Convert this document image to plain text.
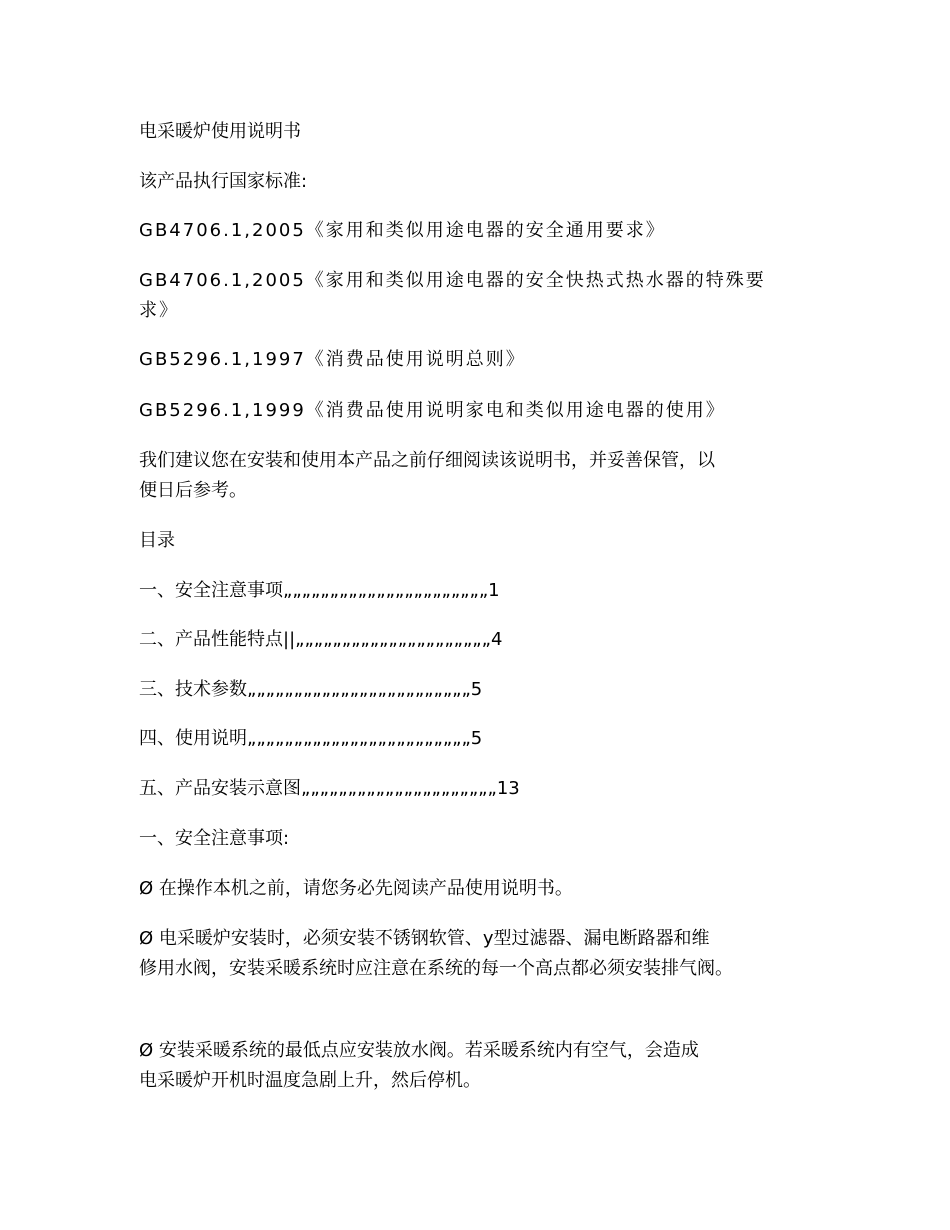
电采暖炉使用说明书
该产品执行国家标准:
GB4706.1,2005《家用和类似用途电器的安全通用要求》
GB4706.1,2005《家用和类似用途电器的安全快热式热水器的特殊要
求》
GB5296.1,1997《消费品使用说明总则》
GB5296.1,1999《消费品使用说明家电和类似用途电器的使用》
我们建议您在安装和使用本产品之前仔细阅读该说明书，并妥善保管，以
便日后参考。
目录
一、安全注意事项„„„„„„„„„„„„„„„„„„„„„„1
二、产品性能特点||„„„„„„„„„„„„„„„„„„„„„4
三、技术参数„„„„„„„„„„„„„„„„„„„„„„„„5
四、使用说明„„„„„„„„„„„„„„„„„„„„„„„„5
五、产品安装示意图„„„„„„„„„„„„„„„„„„„„„13
一、安全注意事项:
Ø 在操作本机之前，请您务必先阅读产品使用说明书。
Ø 电采暖炉安装时，必须安装不锈钢软管、y型过滤器、漏电断路器和维
修用水阀，安装采暖系统时应注意在系统的每一个高点都必须安装排气阀。
Ø 安装采暖系统的最低点应安装放水阀。若采暖系统内有空气，会造成
电采暖炉开机时温度急剧上升，然后停机。
